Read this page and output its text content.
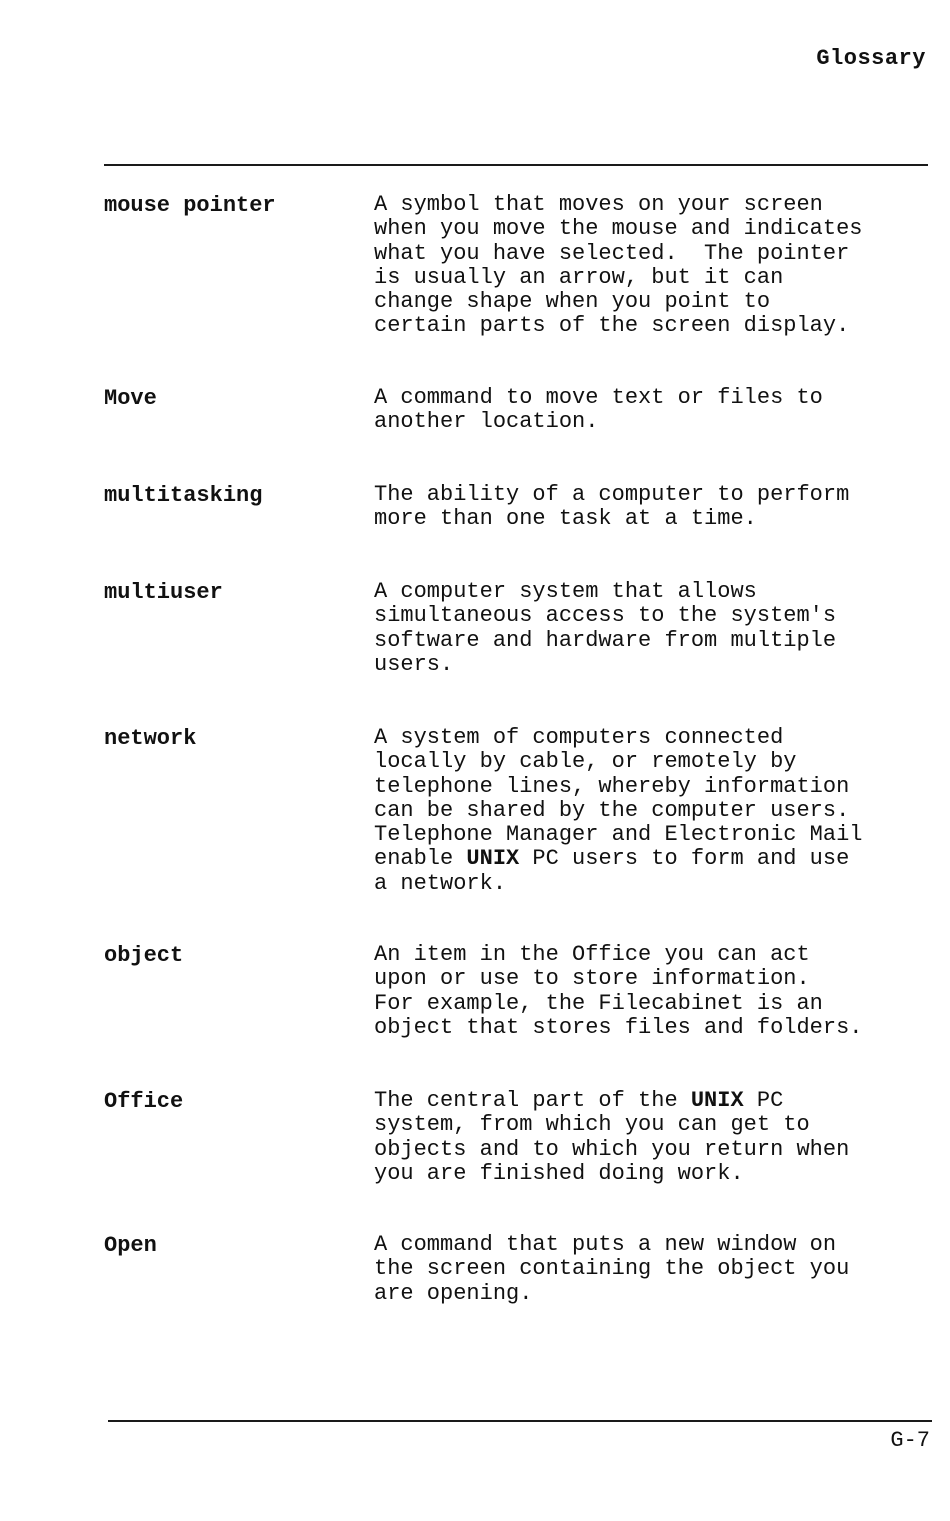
Glossary
mouse pointer	A symbol that moves on your screen
when you move the mouse and indicates
what you have selected.  The pointer
is usually an arrow, but it can
change shape when you point to
certain parts of the screen display.
Move	A command to move text or files to
another location.
multitasking	The ability of a computer to perform
more than one task at a time.
multiuser	A computer system that allows
simultaneous access to the system's
software and hardware from multiple
users.
network	A system of computers connected
locally by cable, or remotely by
telephone lines, whereby information
can be shared by the computer users.
Telephone Manager and Electronic Mail
enable UNIX PC users to form and use
a network.
object	An item in the Office you can act
upon or use to store information.
For example, the Filecabinet is an
object that stores files and folders.
Office	The central part of the UNIX PC
system, from which you can get to
objects and to which you return when
you are finished doing work.
Open	A command that puts a new window on
the screen containing the object you
are opening.
G-7
